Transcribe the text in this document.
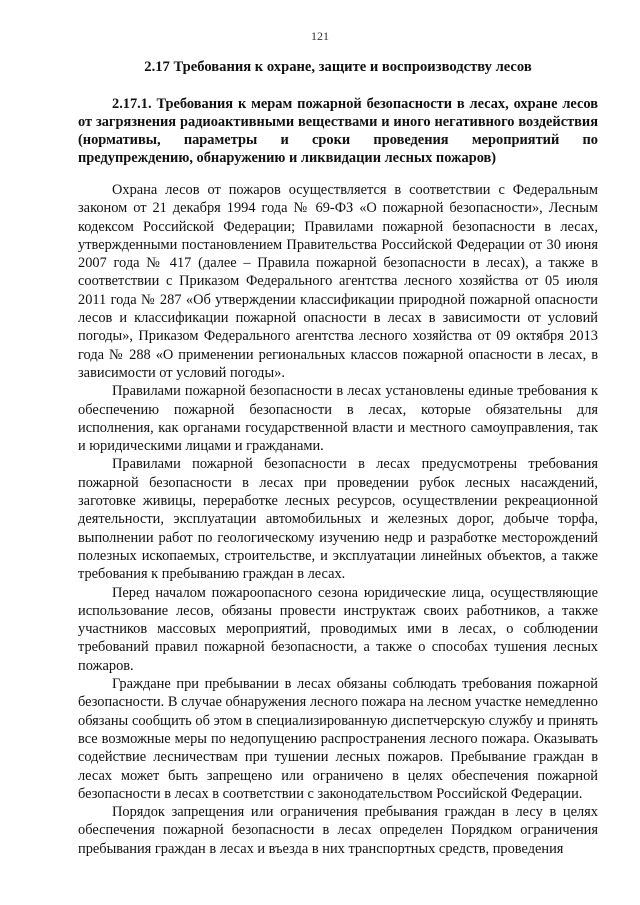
121
2.17 Требования к охране, защите и воспроизводству лесов
2.17.1. Требования к мерам пожарной безопасности в лесах, охране лесов от загрязнения радиоактивными веществами и иного негативного воздействия (нормативы, параметры и сроки проведения мероприятий по предупреждению, обнаружению и ликвидации лесных пожаров)

Охрана лесов от пожаров осуществляется в соответствии с Федеральным законом от 21 декабря 1994 года № 69-ФЗ «О пожарной безопасности», Лесным кодексом Российской Федерации; Правилами пожарной безопасности в лесах, утвержденными постановлением Правительства Российской Федерации от 30 июня 2007 года № 417 (далее – Правила пожарной безопасности в лесах), а также в соответствии с Приказом Федерального агентства лесного хозяйства от 05 июля 2011 года № 287 «Об утверждении классификации природной пожарной опасности лесов и классификации пожарной опасности в лесах в зависимости от условий погоды», Приказом Федерального агентства лесного хозяйства от 09 октября 2013 года № 288 «О применении региональных классов пожарной опасности в лесах, в зависимости от условий погоды».

Правилами пожарной безопасности в лесах установлены единые требования к обеспечению пожарной безопасности в лесах, которые обязательны для исполнения, как органами государственной власти и местного самоуправления, так и юридическими лицами и гражданами.

Правилами пожарной безопасности в лесах предусмотрены требования пожарной безопасности в лесах при проведении рубок лесных насаждений, заготовке живицы, переработке лесных ресурсов, осуществлении рекреационной деятельности, эксплуатации автомобильных и железных дорог, добыче торфа, выполнении работ по геологическому изучению недр и разработке месторождений полезных ископаемых, строительстве, и эксплуатации линейных объектов, а также требования к пребыванию граждан в лесах.

Перед началом пожароопасного сезона юридические лица, осуществляющие использование лесов, обязаны провести инструктаж своих работников, а также участников массовых мероприятий, проводимых ими в лесах, о соблюдении требований правил пожарной безопасности, а также о способах тушения лесных пожаров.

Граждане при пребывании в лесах обязаны соблюдать требования пожарной безопасности. В случае обнаружения лесного пожара на лесном участке немедленно обязаны сообщить об этом в специализированную диспетчерскую службу и принять все возможные меры по недопущению распространения лесного пожара. Оказывать содействие лесничествам при тушении лесных пожаров. Пребывание граждан в лесах может быть запрещено или ограничено в целях обеспечения пожарной безопасности в лесах в соответствии с законодательством Российской Федерации.

Порядок запрещения или ограничения пребывания граждан в лесу в целях обеспечения пожарной безопасности в лесах определен Порядком ограничения пребывания граждан в лесах и въезда в них транспортных средств, проведения
